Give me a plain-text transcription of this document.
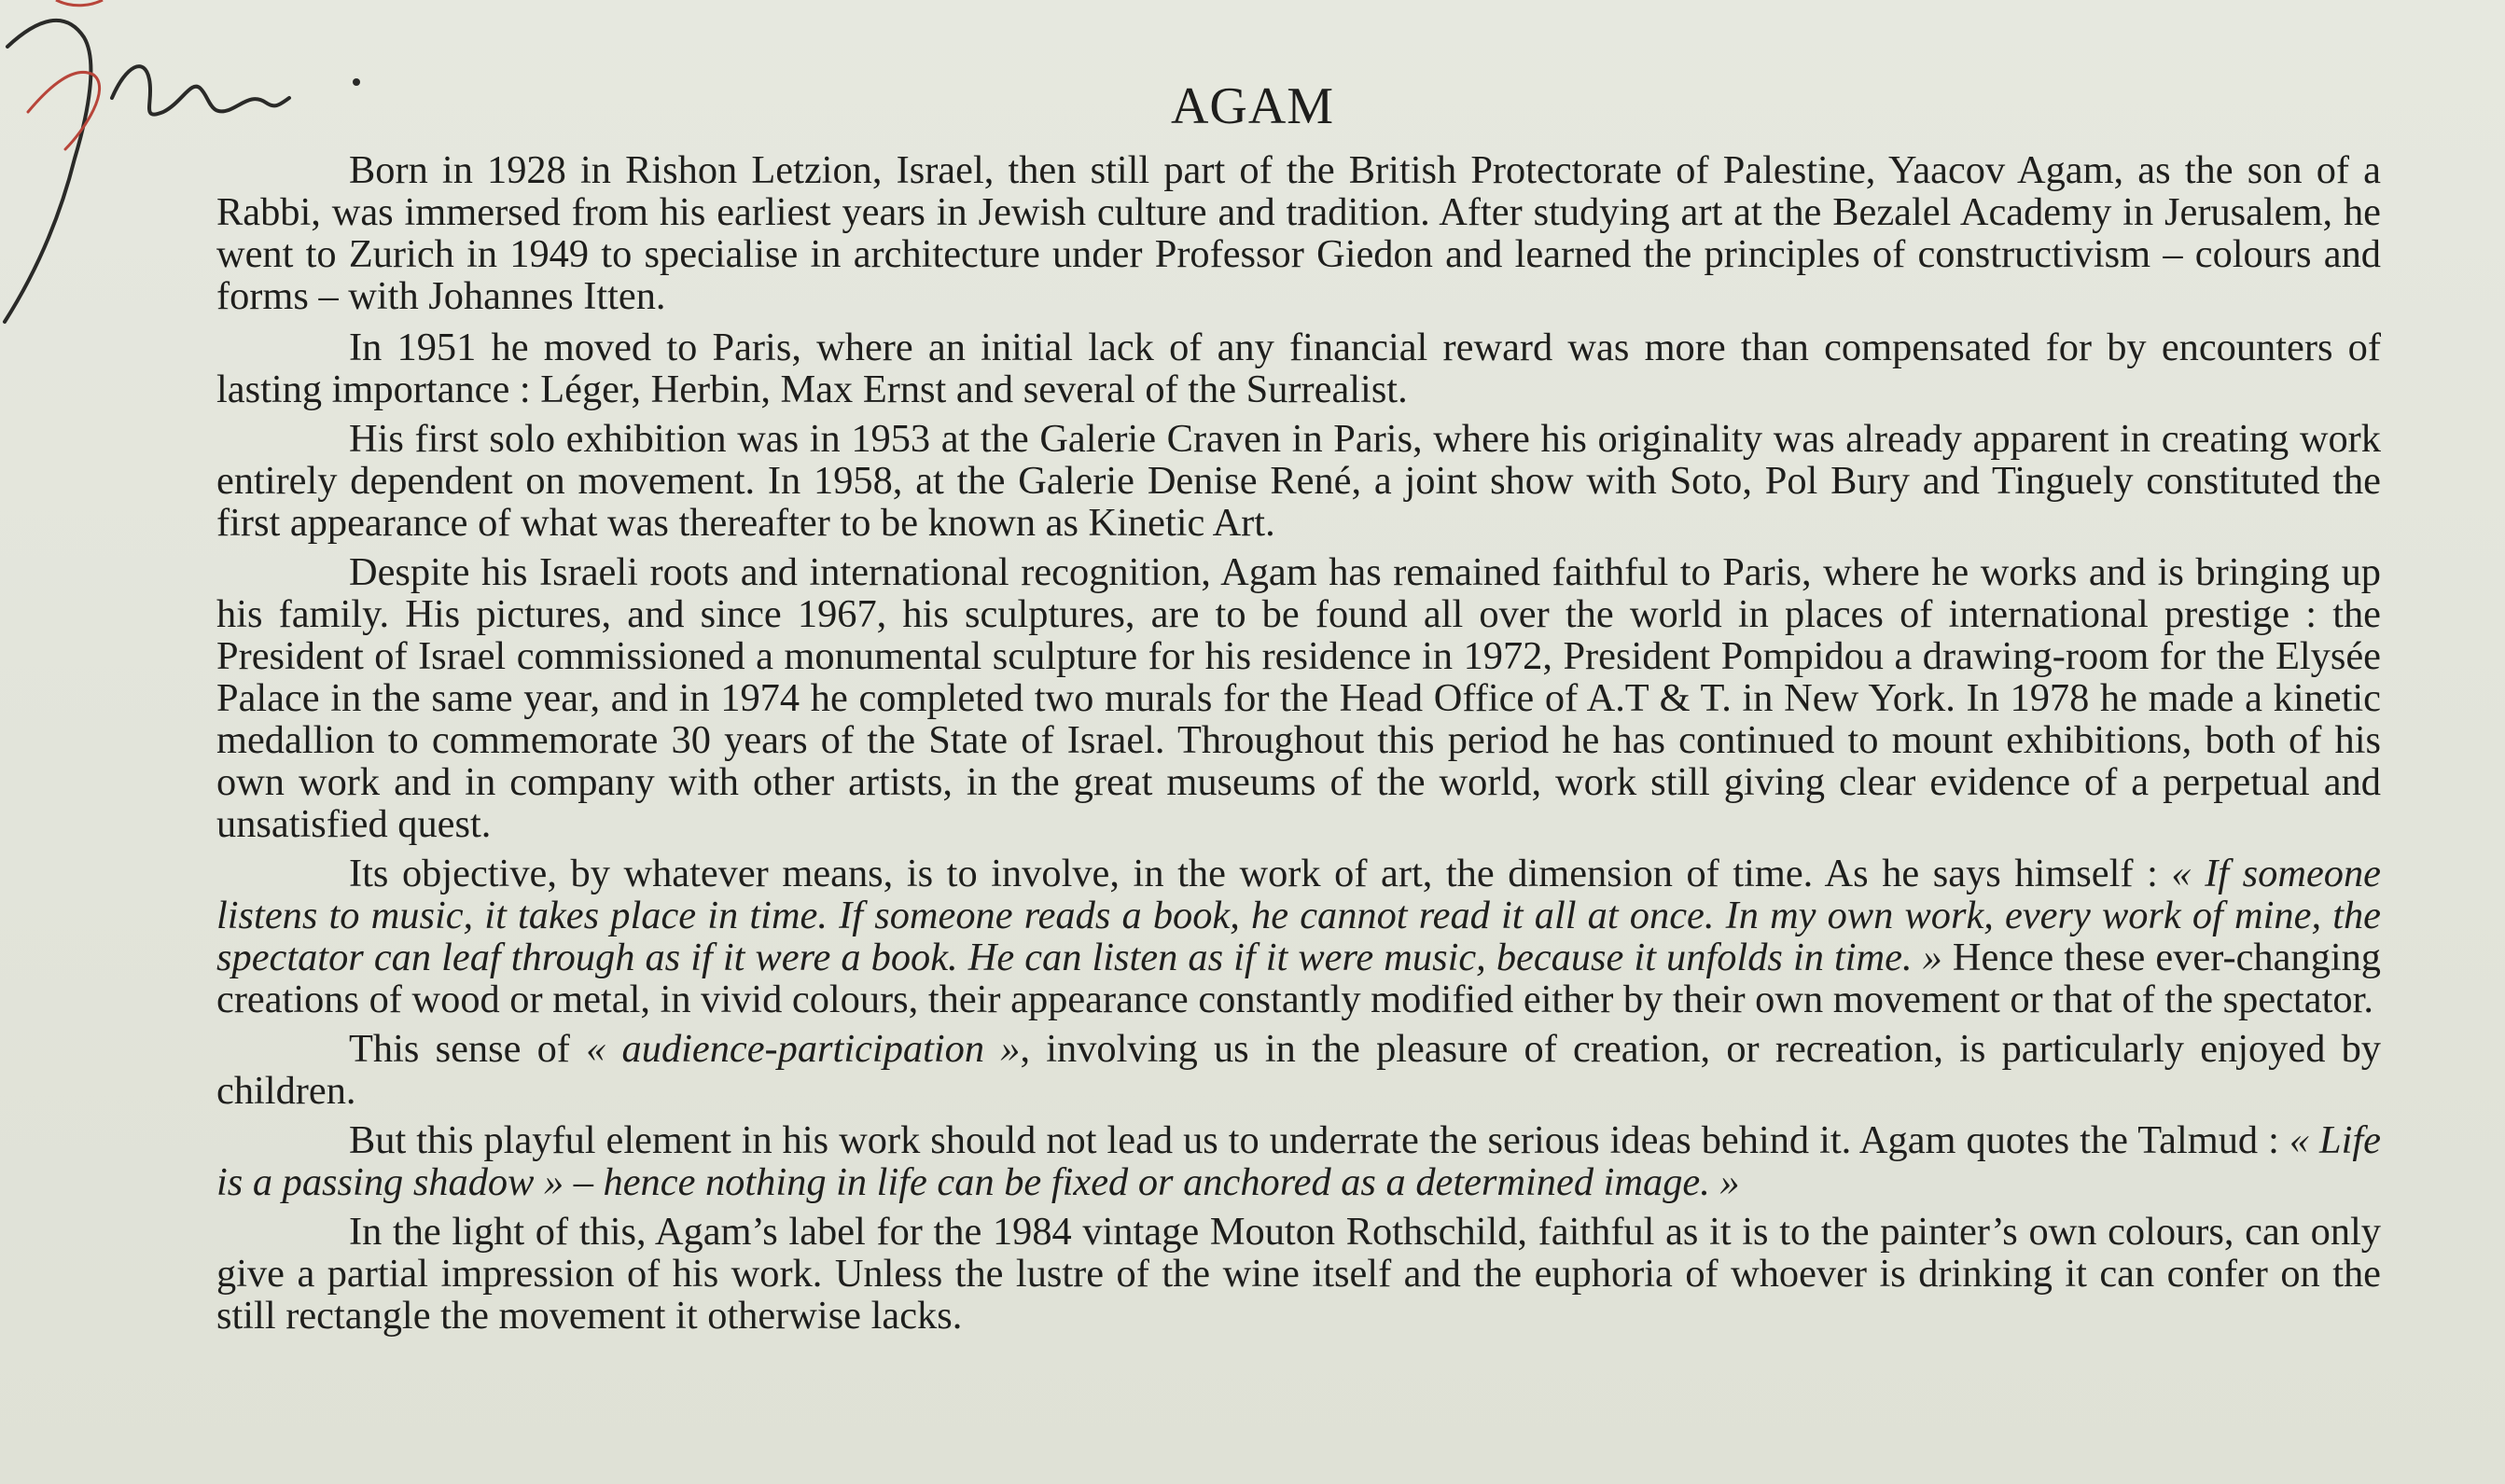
AGAM

Born in 1928 in Rishon Letzion, Israel, then still part of the British Protectorate of Palestine, Yaacov Agam, as the son of a Rabbi, was immersed from his earliest years in Jewish culture and tradition. After studying art at the Bezalel Academy in Jerusalem, he went to Zurich in 1949 to specialise in architecture under Professor Giedon and learned the principles of constructivism – colours and forms – with Johannes Itten.

In 1951 he moved to Paris, where an initial lack of any financial reward was more than compensated for by encounters of lasting importance : Léger, Herbin, Max Ernst and several of the Surrealist.

His first solo exhibition was in 1953 at the Galerie Craven in Paris, where his originality was already apparent in creating work entirely dependent on movement. In 1958, at the Galerie Denise René, a joint show with Soto, Pol Bury and Tinguely constituted the first appearance of what was thereafter to be known as Kinetic Art.

Despite his Israeli roots and international recognition, Agam has remained faithful to Paris, where he works and is bringing up his family. His pictures, and since 1967, his sculptures, are to be found all over the world in places of international prestige : the President of Israel commissioned a monumental sculpture for his residence in 1972, President Pompidou a drawing-room for the Elysée Palace in the same year, and in 1974 he completed two murals for the Head Office of A.T & T. in New York. In 1978 he made a kinetic medallion to commemorate 30 years of the State of Israel. Throughout this period he has continued to mount exhibitions, both of his own work and in company with other artists, in the great museums of the world, work still giving clear evidence of a perpetual and unsatisfied quest.

Its objective, by whatever means, is to involve, in the work of art, the dimension of time. As he says himself : « If someone listens to music, it takes place in time. If someone reads a book, he cannot read it all at once. In my own work, every work of mine, the spectator can leaf through as if it were a book. He can listen as if it were music, because it unfolds in time. » Hence these ever-changing creations of wood or metal, in vivid colours, their appearance constantly modified either by their own movement or that of the spectator.

This sense of « audience-participation », involving us in the pleasure of creation, or recreation, is particularly enjoyed by children.

But this playful element in his work should not lead us to underrate the serious ideas behind it. Agam quotes the Talmud : « Life is a passing shadow » – hence nothing in life can be fixed or anchored as a determined image. »

In the light of this, Agam’s label for the 1984 vintage Mouton Rothschild, faithful as it is to the painter’s own colours, can only give a partial impression of his work. Unless the lustre of the wine itself and the euphoria of whoever is drinking it can confer on the still rectangle the movement it otherwise lacks.
